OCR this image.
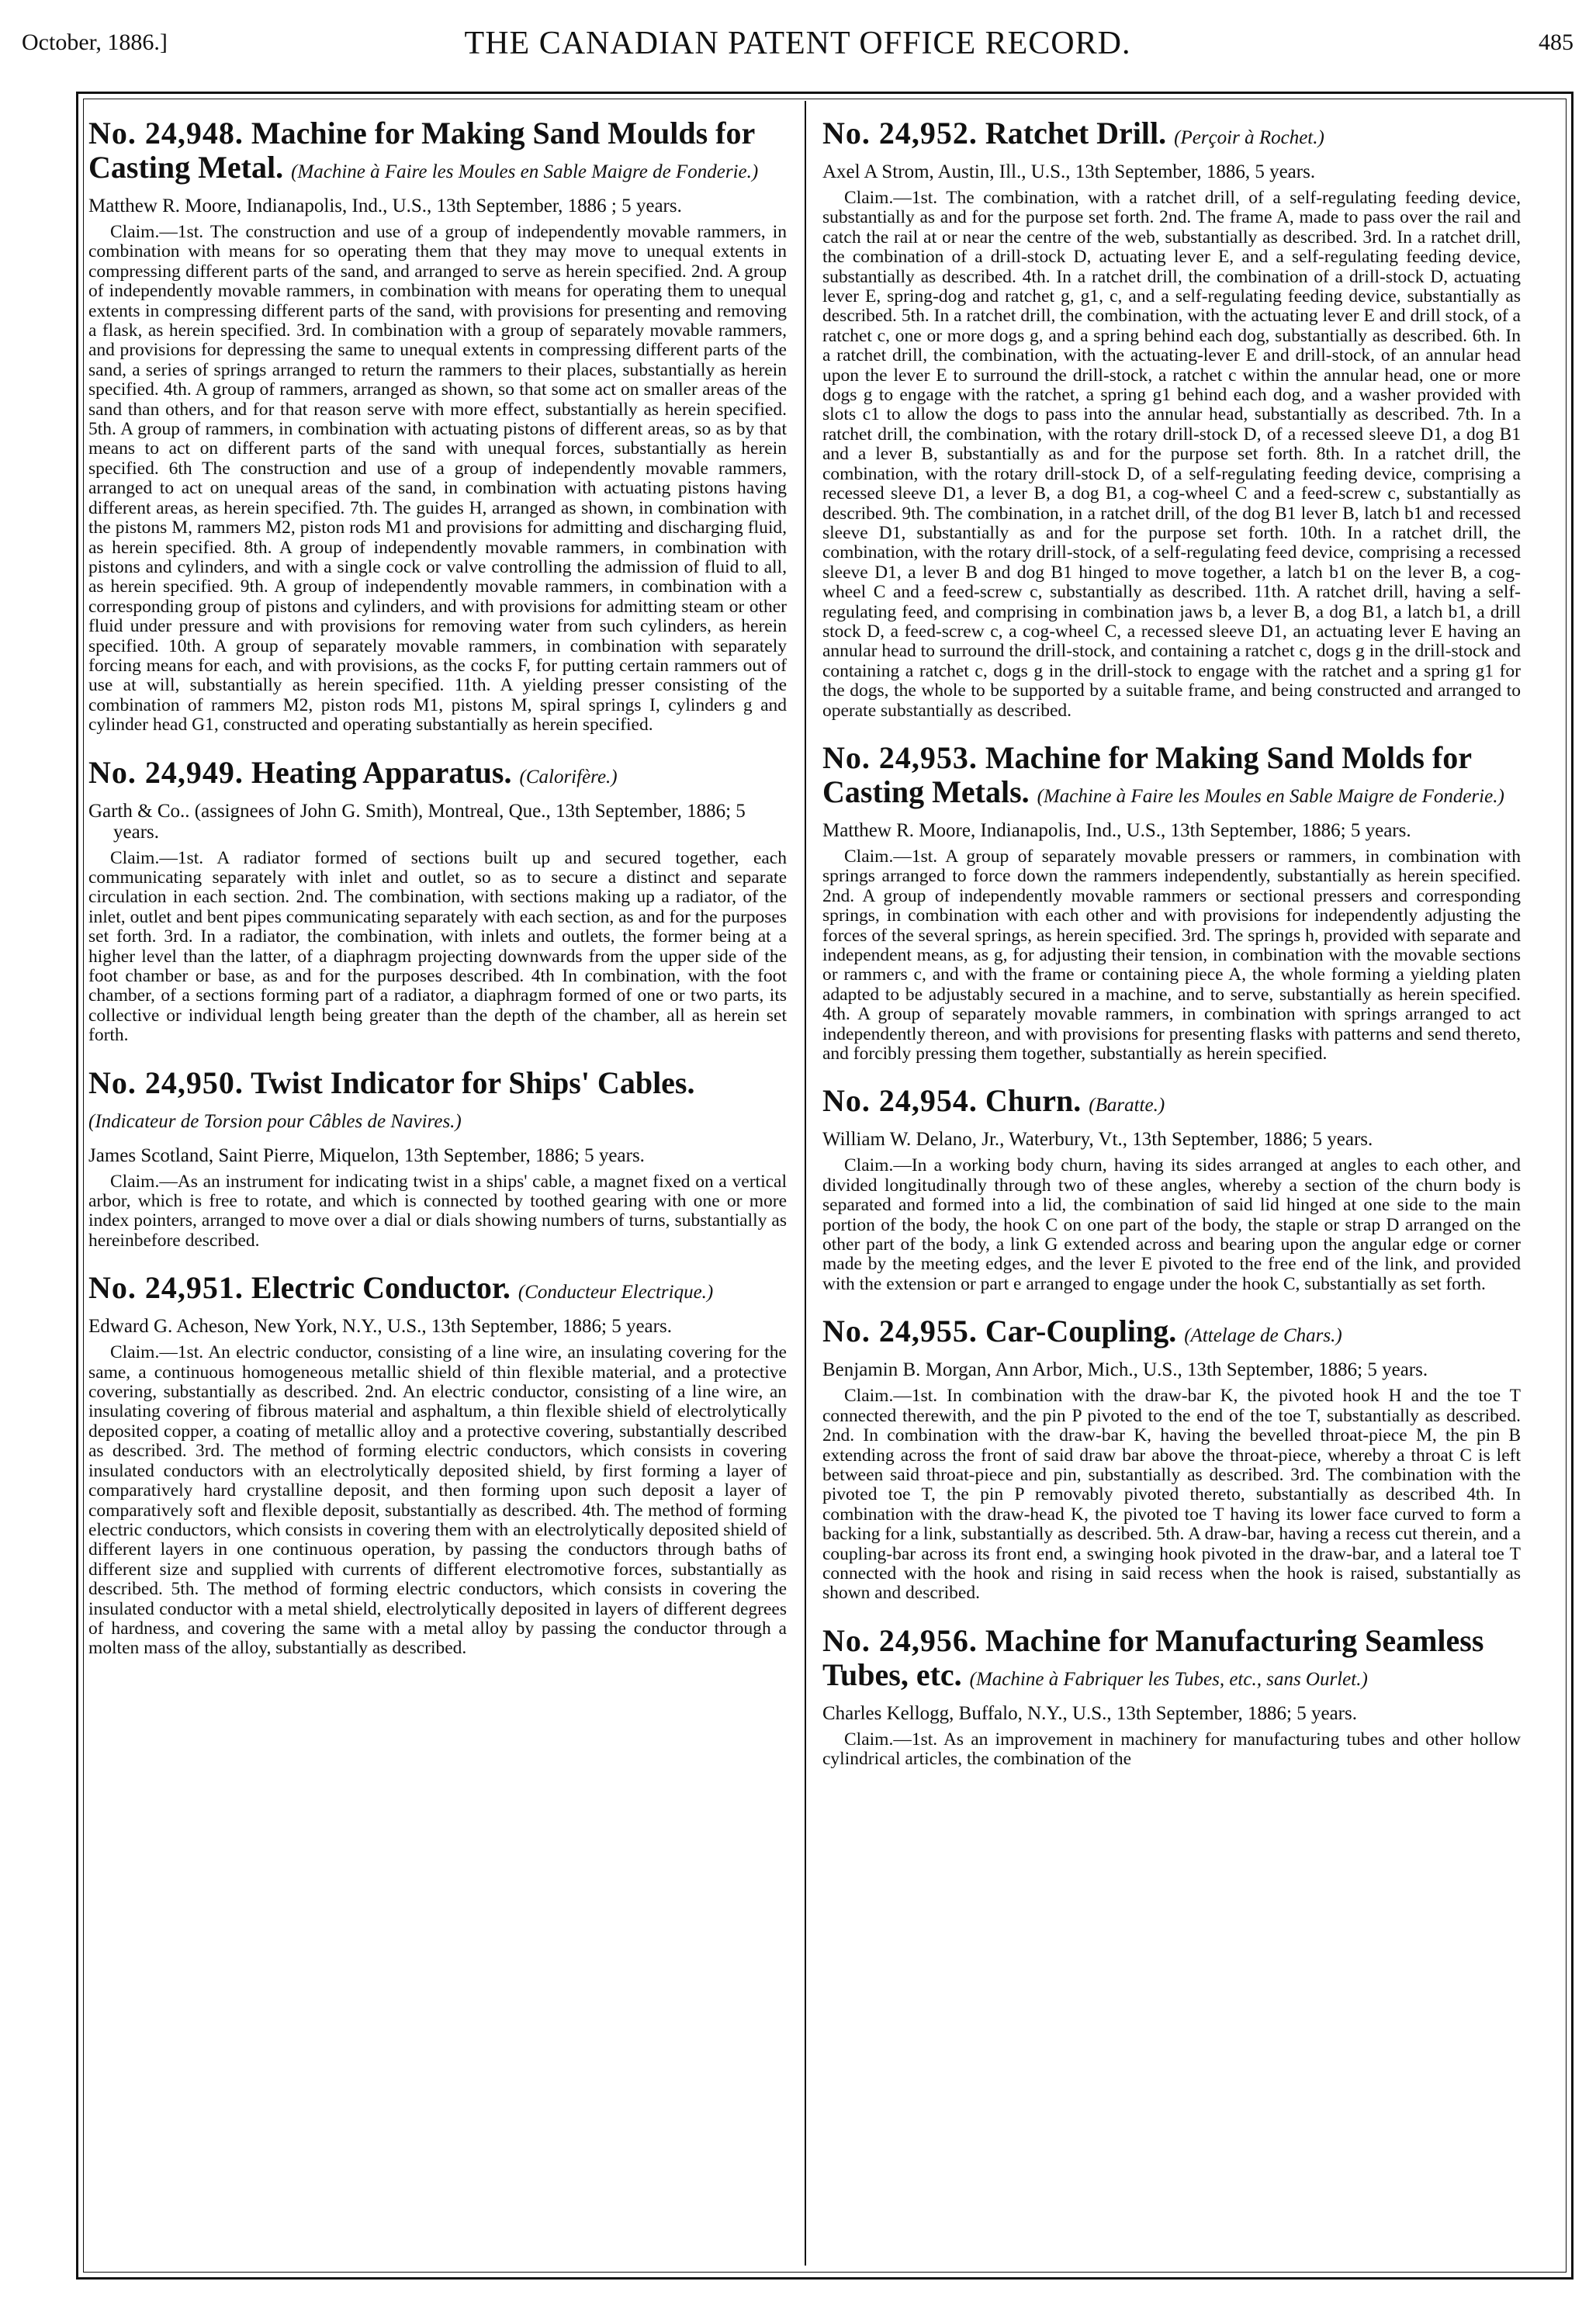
October, 1886.]	THE CANADIAN PATENT OFFICE RECORD.	485
No. 24,948. Machine for Making Sand Moulds for Casting Metal. (Machine à Faire les Moules en Sable Maigre de Fonderie.)
Matthew R. Moore, Indianapolis, Ind., U.S., 13th September, 1886 ; 5 years.
Claim.—1st. The construction and use of a group of independently movable rammers, in combination with means for so operating them that they may move to unequal extents in compressing different parts of the sand, and arranged to serve as herein specified. 2nd. A group of independently movable rammers, in combination with means for operating them to unequal extents in compressing different parts of the sand, with provisions for presenting and removing a flask, as herein specified. 3rd. In combination with a group of separately movable rammers, and provisions for depressing the same to unequal extents in compressing different parts of the sand, a series of springs arranged to return the rammers to their places, substantially as herein specified. 4th. A group of rammers, arranged as shown, so that some act on smaller areas of the sand than others, and for that reason serve with more effect, substantially as herein specified. 5th. A group of rammers, in combination with actuating pistons of different areas, so as by that means to act on different parts of the sand with unequal forces, substantially as herein specified. 6th The construction and use of a group of independently movable rammers, arranged to act on unequal areas of the sand, in combination with actuating pistons having different areas, as herein specified. 7th. The guides H, arranged as shown, in combination with the pistons M, rammers M2, piston rods M1 and provisions for admitting and discharging fluid, as herein specified. 8th. A group of independently movable rammers, in combination with pistons and cylinders, and with a single cock or valve controlling the admission of fluid to all, as herein specified. 9th. A group of independently movable rammers, in combination with a corresponding group of pistons and cylinders, and with provisions for admitting steam or other fluid under pressure and with provisions for removing water from such cylinders, as herein specified. 10th. A group of separately movable rammers, in combination with separately forcing means for each, and with provisions, as the cocks F, for putting certain rammers out of use at will, substantially as herein specified. 11th. A yielding presser consisting of the combination of rammers M2, piston rods M1, pistons M, spiral springs I, cylinders g and cylinder head G1, constructed and operating substantially as herein specified.
No. 24,949. Heating Apparatus. (Calorifère.)
Garth & Co.. (assignees of John G. Smith), Montreal, Que., 13th September, 1886; 5 years.
Claim.—1st. A radiator formed of sections built up and secured together, each communicating separately with inlet and outlet, so as to secure a distinct and separate circulation in each section. 2nd. The combination, with sections making up a radiator, of the inlet, outlet and bent pipes communicating separately with each section, as and for the purposes set forth. 3rd. In a radiator, the combination, with inlets and outlets, the former being at a higher level than the latter, of a diaphragm projecting downwards from the upper side of the foot chamber or base, as and for the purposes described. 4th In combination, with the foot chamber, of a sections forming part of a radiator, a diaphragm formed of one or two parts, its collective or individual length being greater than the depth of the chamber, all as herein set forth.
No. 24,950. Twist Indicator for Ships' Cables. (Indicateur de Torsion pour Câbles de Navires.)
James Scotland, Saint Pierre, Miquelon, 13th September, 1886; 5 years.
Claim.—As an instrument for indicating twist in a ships' cable, a magnet fixed on a vertical arbor, which is free to rotate, and which is connected by toothed gearing with one or more index pointers, arranged to move over a dial or dials showing numbers of turns, substantially as hereinbefore described.
No. 24,951. Electric Conductor. (Conducteur Electrique.)
Edward G. Acheson, New York, N.Y., U.S., 13th September, 1886; 5 years.
Claim.—1st. An electric conductor, consisting of a line wire, an insulating covering for the same, a continuous homogeneous metallic shield of thin flexible material, and a protective covering, substantially as described. 2nd. An electric conductor, consisting of a line wire, an insulating covering of fibrous material and asphaltum, a thin flexible shield of electrolytically deposited copper, a coating of metallic alloy and a protective covering, substantially described as described. 3rd. The method of forming electric conductors, which consists in covering insulated conductors with an electrolytically deposited shield, by first forming a layer of comparatively hard crystalline deposit, and then forming upon such deposit a layer of comparatively soft and flexible deposit, substantially as described. 4th. The method of forming electric conductors, which consists in covering them with an electrolytically deposited shield of different layers in one continuous operation, by passing the conductors through baths of different size and supplied with currents of different electromotive forces, substantially as described. 5th. The method of forming electric conductors, which consists in covering the insulated conductor with a metal shield, electrolytically deposited in layers of different degrees of hardness, and covering the same with a metal alloy by passing the conductor through a molten mass of the alloy, substantially as described.
No. 24,952. Ratchet Drill. (Perçoir à Rochet.)
Axel A Strom, Austin, Ill., U.S., 13th September, 1886, 5 years.
Claim.—1st. The combination, with a ratchet drill, of a self-regulating feeding device, substantially as and for the purpose set forth. 2nd. The frame A, made to pass over the rail and catch the rail at or near the centre of the web, substantially as described. 3rd. In a ratchet drill, the combination of a drill-stock D, actuating lever E, and a self-regulating feeding device, substantially as described. 4th. In a ratchet drill, the combination of a drill-stock D, actuating lever E, spring-dog and ratchet g, g1, c, and a self-regulating feeding device, substantially as described. 5th. In a ratchet drill, the combination, with the actuating lever E and drill stock, of a ratchet c, one or more dogs g, and a spring behind each dog, substantially as described. 6th. In a ratchet drill, the combination, with the actuating-lever E and drill-stock, of an annular head upon the lever E to surround the drill-stock, a ratchet c within the annular head, one or more dogs g to engage with the ratchet, a spring g1 behind each dog, and a washer provided with slots c1 to allow the dogs to pass into the annular head, substantially as described. 7th. In a ratchet drill, the combination, with the rotary drill-stock D, of a recessed sleeve D1, a dog B1 and a lever B, substantially as and for the purpose set forth. 8th. In a ratchet drill, the combination, with the rotary drill-stock D, of a self-regulating feeding device, comprising a recessed sleeve D1, a lever B, a dog B1, a cog-wheel C and a feed-screw c, substantially as described. 9th. The combination, in a ratchet drill, of the dog B1 lever B, latch b1 and recessed sleeve D1, substantially as and for the purpose set forth. 10th. In a ratchet drill, the combination, with the rotary drill-stock, of a self-regulating feed device, comprising a recessed sleeve D1, a lever B and dog B1 hinged to move together, a latch b1 on the lever B, a cog-wheel C and a feed-screw c, substantially as described. 11th. A ratchet drill, having a self-regulating feed, and comprising in combination jaws b, a lever B, a dog B1, a latch b1, a drill stock D, a feed-screw c, a cog-wheel C, a recessed sleeve D1, an actuating lever E having an annular head to surround the drill-stock, and containing a ratchet c, dogs g in the drill-stock and containing a ratchet c, dogs g in the drill-stock to engage with the ratchet and a spring g1 for the dogs, the whole to be supported by a suitable frame, and being constructed and arranged to operate substantially as described.
No. 24,953. Machine for Making Sand Molds for Casting Metals. (Machine à Faire les Moules en Sable Maigre de Fonderie.)
Matthew R. Moore, Indianapolis, Ind., U.S., 13th September, 1886; 5 years.
Claim.—1st. A group of separately movable pressers or rammers, in combination with springs arranged to force down the rammers independently, substantially as herein specified. 2nd. A group of independently movable rammers or sectional pressers and corresponding springs, in combination with each other and with provisions for independently adjusting the forces of the several springs, as herein specified. 3rd. The springs h, provided with separate and independent means, as g, for adjusting their tension, in combination with the movable sections or rammers c, and with the frame or containing piece A, the whole forming a yielding platen adapted to be adjustably secured in a machine, and to serve, substantially as herein specified. 4th. A group of separately movable rammers, in combination with springs arranged to act independently thereon, and with provisions for presenting flasks with patterns and send thereto, and forcibly pressing them together, substantially as herein specified.
No. 24,954. Churn. (Baratte.)
William W. Delano, Jr., Waterbury, Vt., 13th September, 1886; 5 years.
Claim.—In a working body churn, having its sides arranged at angles to each other, and divided longitudinally through two of these angles, whereby a section of the churn body is separated and formed into a lid, the combination of said lid hinged at one side to the main portion of the body, the hook C on one part of the body, the staple or strap D arranged on the other part of the body, a link G extended across and bearing upon the angular edge or corner made by the meeting edges, and the lever E pivoted to the free end of the link, and provided with the extension or part e arranged to engage under the hook C, substantially as set forth.
No. 24,955. Car-Coupling. (Attelage de Chars.)
Benjamin B. Morgan, Ann Arbor, Mich., U.S., 13th September, 1886; 5 years.
Claim.—1st. In combination with the draw-bar K, the pivoted hook H and the toe T connected therewith, and the pin P pivoted to the end of the toe T, substantially as described. 2nd. In combination with the draw-bar K, having the bevelled throat-piece M, the pin B extending across the front of said draw bar above the throat-piece, whereby a throat C is left between said throat-piece and pin, substantially as described. 3rd. The combination with the pivoted toe T, the pin P removably pivoted thereto, substantially as described 4th. In combination with the draw-head K, the pivoted toe T having its lower face curved to form a backing for a link, substantially as described. 5th. A draw-bar, having a recess cut therein, and a coupling-bar across its front end, a swinging hook pivoted in the draw-bar, and a lateral toe T connected with the hook and rising in said recess when the hook is raised, substantially as shown and described.
No. 24,956. Machine for Manufacturing Seamless Tubes, etc. (Machine à Fabriquer les Tubes, etc., sans Ourlet.)
Charles Kellogg, Buffalo, N.Y., U.S., 13th September, 1886; 5 years.
Claim.—1st. As an improvement in machinery for manufacturing tubes and other hollow cylindrical articles, the combination of the
